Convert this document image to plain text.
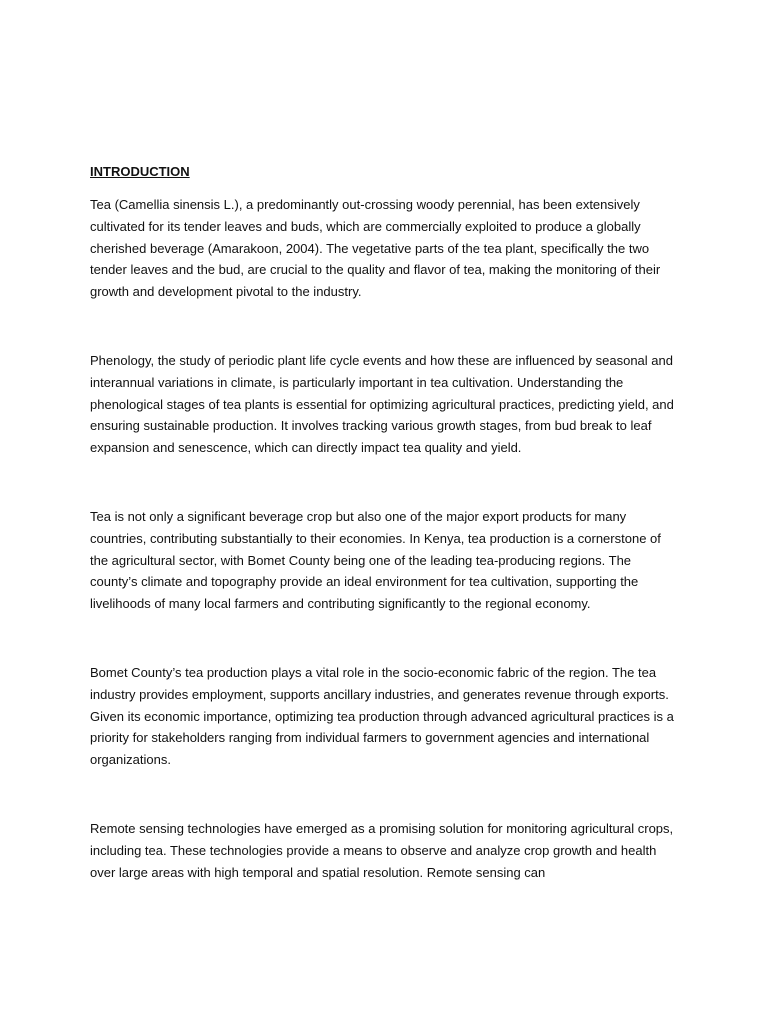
INTRODUCTION

Tea (Camellia sinensis L.), a predominantly out-crossing woody perennial, has been extensively cultivated for its tender leaves and buds, which are commercially exploited to produce a globally cherished beverage (Amarakoon, 2004). The vegetative parts of the tea plant, specifically the two tender leaves and the bud, are crucial to the quality and flavor of tea, making the monitoring of their growth and development pivotal to the industry.

Phenology, the study of periodic plant life cycle events and how these are influenced by seasonal and interannual variations in climate, is particularly important in tea cultivation. Understanding the phenological stages of tea plants is essential for optimizing agricultural practices, predicting yield, and ensuring sustainable production. It involves tracking various growth stages, from bud break to leaf expansion and senescence, which can directly impact tea quality and yield.

Tea is not only a significant beverage crop but also one of the major export products for many countries, contributing substantially to their economies. In Kenya, tea production is a cornerstone of the agricultural sector, with Bomet County being one of the leading tea-producing regions. The county’s climate and topography provide an ideal environment for tea cultivation, supporting the livelihoods of many local farmers and contributing significantly to the regional economy.

Bomet County’s tea production plays a vital role in the socio-economic fabric of the region. The tea industry provides employment, supports ancillary industries, and generates revenue through exports. Given its economic importance, optimizing tea production through advanced agricultural practices is a priority for stakeholders ranging from individual farmers to government agencies and international organizations.

Remote sensing technologies have emerged as a promising solution for monitoring agricultural crops, including tea. These technologies provide a means to observe and analyze crop growth and health over large areas with high temporal and spatial resolution. Remote sensing can
